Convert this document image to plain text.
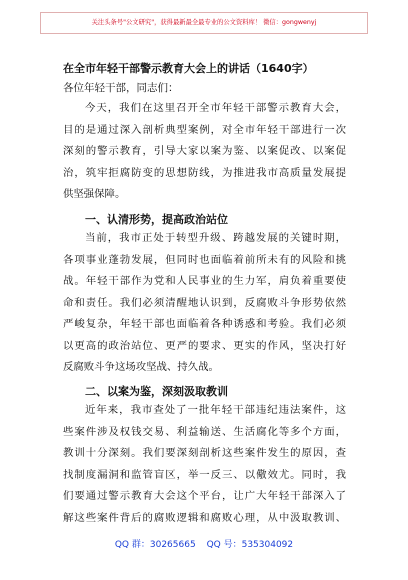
关注头条号"公文研究"，获得最新最全最专业的公文资料库！ 微信：gongwenyj
在全市年轻干部警示教育大会上的讲话（1640字）
各位年轻干部，同志们：
今天，我们在这里召开全市年轻干部警示教育大会，
目的是通过深入剖析典型案例，对全市年轻干部进行一次
深刻的警示教育，引导大家以案为鉴、以案促改、以案促
治，筑牢拒腐防变的思想防线，为推进我市高质量发展提
供坚强保障。
一、认清形势，提高政治站位
当前，我市正处于转型升级、跨越发展的关键时期，
各项事业蓬勃发展，但同时也面临着前所未有的风险和挑
战。年轻干部作为党和人民事业的生力军，肩负着重要使
命和责任。我们必须清醒地认识到，反腐败斗争形势依然
严峻复杂，年轻干部也面临着各种诱惑和考验。我们必须
以更高的政治站位、更严的要求、更实的作风，坚决打好
反腐败斗争这场攻坚战、持久战。
二、以案为鉴，深刻汲取教训
近年来，我市查处了一批年轻干部违纪违法案件，这
些案件涉及权钱交易、利益输送、生活腐化等多个方面，
教训十分深刻。我们要深刻剖析这些案件发生的原因，查
找制度漏洞和监管盲区，举一反三、以儆效尤。同时，我
们要通过警示教育大会这个平台，让广大年轻干部深入了
解这些案件背后的腐败逻辑和腐败心理，从中汲取教训、
QQ 群：30265665 QQ 号：535304092
